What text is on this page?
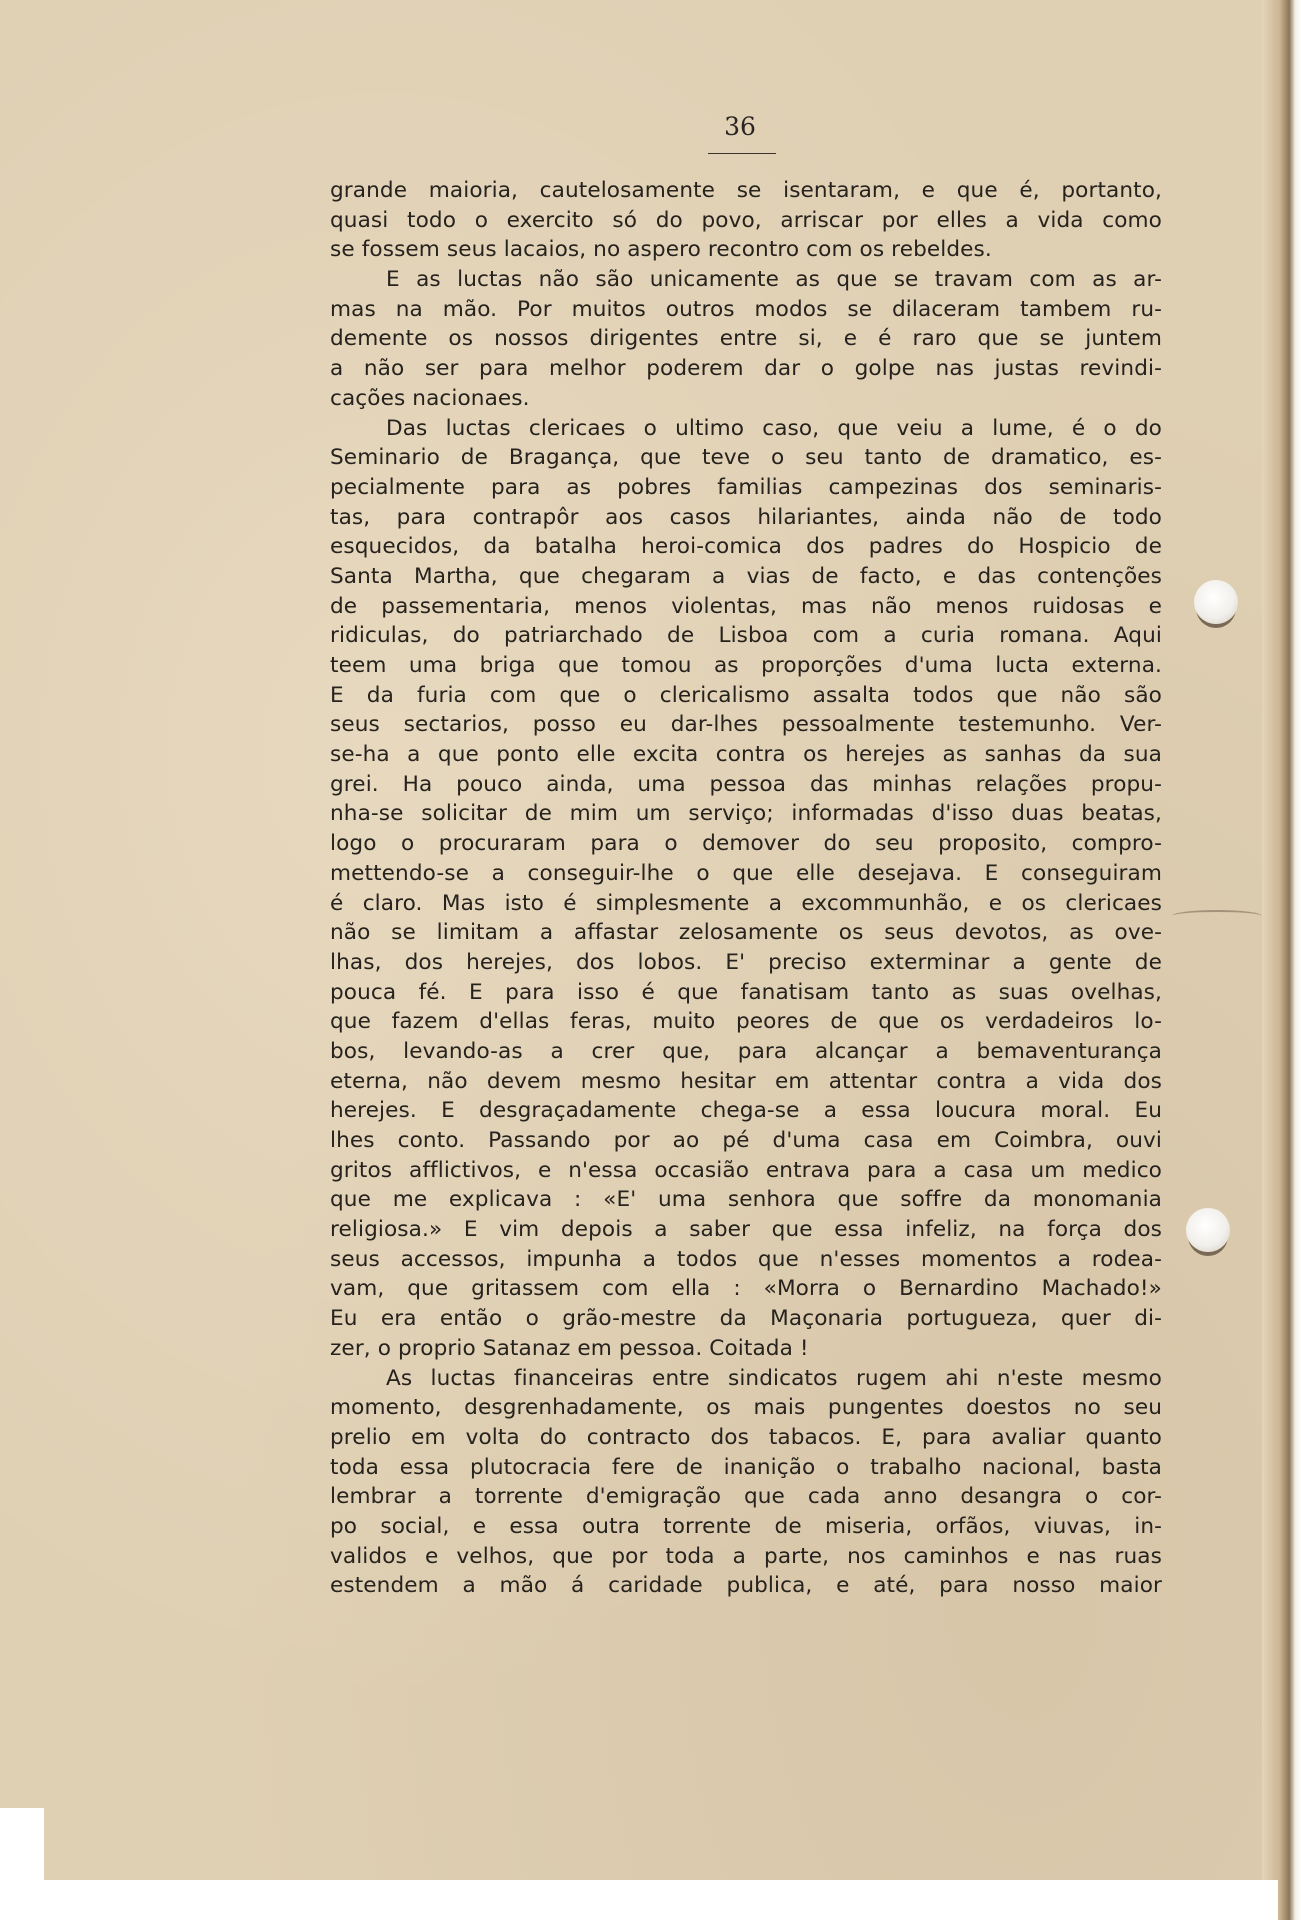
36
grande maioria, cautelosamente se isentaram, e que é, portanto,
quasi todo o exercito só do povo, arriscar por elles a vida como
se fossem seus lacaios, no aspero recontro com os rebeldes.
E as luctas não são unicamente as que se travam com as ar-
mas na mão. Por muitos outros modos se dilaceram tambem ru-
demente os nossos dirigentes entre si, e é raro que se juntem
a não ser para melhor poderem dar o golpe nas justas revindi-
cações nacionaes.
Das luctas clericaes o ultimo caso, que veiu a lume, é o do
Seminario de Bragança, que teve o seu tanto de dramatico, es-
pecialmente para as pobres familias campezinas dos seminaris-
tas, para contrapôr aos casos hilariantes, ainda não de todo
esquecidos, da batalha heroi-comica dos padres do Hospicio de
Santa Martha, que chegaram a vias de facto, e das contenções
de passementaria, menos violentas, mas não menos ruidosas e
ridiculas, do patriarchado de Lisboa com a curia romana. Aqui
teem uma briga que tomou as proporções d'uma lucta externa.
E da furia com que o clericalismo assalta todos que não são
seus sectarios, posso eu dar-lhes pessoalmente testemunho. Ver-
se-ha a que ponto elle excita contra os herejes as sanhas da sua
grei. Ha pouco ainda, uma pessoa das minhas relações propu-
nha-se solicitar de mim um serviço; informadas d'isso duas beatas,
logo o procuraram para o demover do seu proposito, compro-
mettendo-se a conseguir-lhe o que elle desejava. E conseguiram
é claro. Mas isto é simplesmente a excommunhão, e os clericaes
não se limitam a affastar zelosamente os seus devotos, as ove-
lhas, dos herejes, dos lobos. E' preciso exterminar a gente de
pouca fé. E para isso é que fanatisam tanto as suas ovelhas,
que fazem d'ellas feras, muito peores de que os verdadeiros lo-
bos, levando-as a crer que, para alcançar a bemaventurança
eterna, não devem mesmo hesitar em attentar contra a vida dos
herejes. E desgraçadamente chega-se a essa loucura moral. Eu
lhes conto. Passando por ao pé d'uma casa em Coimbra, ouvi
gritos afflictivos, e n'essa occasião entrava para a casa um medico
que me explicava : «E' uma senhora que soffre da monomania
religiosa.» E vim depois a saber que essa infeliz, na força dos
seus accessos, impunha a todos que n'esses momentos a rodea-
vam, que gritassem com ella : «Morra o Bernardino Machado!»
Eu era então o grão-mestre da Maçonaria portugueza, quer di-
zer, o proprio Satanaz em pessoa. Coitada !
As luctas financeiras entre sindicatos rugem ahi n'este mesmo
momento, desgrenhadamente, os mais pungentes doestos no seu
prelio em volta do contracto dos tabacos. E, para avaliar quanto
toda essa plutocracia fere de inanição o trabalho nacional, basta
lembrar a torrente d'emigração que cada anno desangra o cor-
po social, e essa outra torrente de miseria, orfãos, viuvas, in-
validos e velhos, que por toda a parte, nos caminhos e nas ruas
estendem a mão á caridade publica, e até, para nosso maior
